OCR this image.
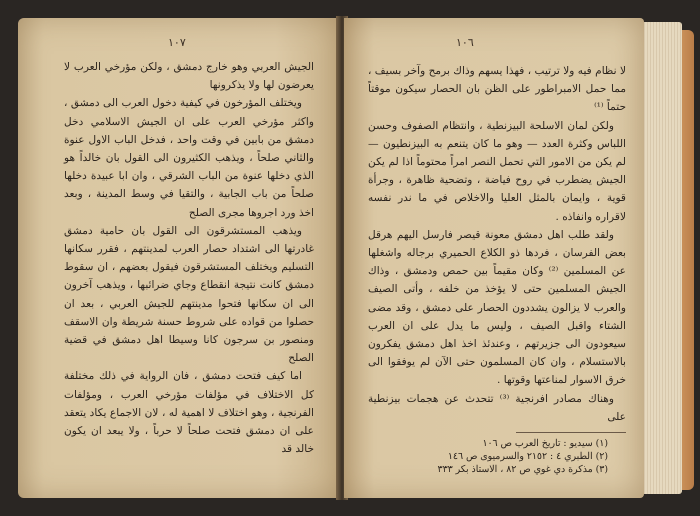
١٠٧

الجيش العربي وهو خارج دمشق ، ولكن مؤرخي العرب لا يعرضون لها ولا يذكرونها

ويختلف المؤرخون في كيفية دخول العرب الى دمشق ، واكثر مؤرخي العرب على ان الجيش الاسلامي دخل دمشق من بابين في وقت واحد ، فدخل الباب الاول عنوة والثاني صلحاً ، ويذهب الكثيرون الى القول بان خالداً هو الذي دخلها عنوة من الباب الشرقي ، وان ابا عبيدة دخلها صلحاً من باب الجابية ، والتقيا في وسط المدينة ، وبعد اخذ ورد اجروها مجرى الصلح

ويذهب المستشرقون الى القول بان حامية دمشق غادرتها الى اشتداد حصار العرب لمدينتهم ، فقرر سكانها التسليم ويختلف المستشرقون فيقول بعضهم ، ان سقوط دمشق كانت نتيجة انقطاع وجاي ضرائبها ، ويذهب آخرون الى ان سكانها فتحوا مدينتهم للجيش العربي ، بعد ان حصلوا من قواده على شروط حسنة شريطة وان الاسقف ومنصور بن سرجون كانا وسيطا اهل دمشق في قضية الصلح

اما كيف فتحت دمشق ، فان الرواية في ذلك مختلفة كل الاختلاف في مؤلفات مؤرخي العرب ، ومؤلفات الفرنجية ، وهو اختلاف لا اهمية له ، لان الاجماع يكاد يتعقد على ان دمشق فتحت صلحاً لا حرباً ، ولا يبعد ان يكون خالد قد

١٠٦

لا نظام فيه ولا ترتيب ، فهذا يسهم وذاك برمح وآخر بسيف ، مما حمل الامبراطور على الظن بان الحصار سيكون موقتاً حتماً ⁽¹⁾

ولكن لمان الاسلحة البيزنطية ، وانتظام الصفوف وحسن اللباس وكثرة العدد — وهو ما كان يتنعم به البيزنطيون — لم يكن من الامور التي تحمل النصر امراً محتوماً اذا لم يكن الجيش يضطرب في روح فياضة ، وتضحية ظاهرة ، وجرأة قوية ، وايمان بالمثل العليا والاخلاص في ما ندر نفسه لاقراره وانفاذه .

ولقد طلب اهل دمشق معونة قيصر فارسل اليهم هرقل بعض الفرسان ، فردها ذو الكلاع الحميري برجاله واشغلها عن المسلمين ⁽²⁾ وكان مقيماً بين حمص ودمشق ، وذاك الجيش المسلمين حتى لا يؤخذ من خلفه ، وأتى الصيف والعرب لا يزالون يشددون الحصار على دمشق ، وقد مضى الشتاء واقبل الصيف ، وليس ما يدل على ان العرب سيعودون الى جزيرتهم ، وعندئذ اخذ اهل دمشق يفكرون بالاستسلام ، وان كان المسلمون حتى الآن لم يوفقوا الى خرق الاسوار لمناعتها وقوتها .

وهناك مصادر افرنجية ⁽³⁾ تتحدث عن هجمات بيزنطية على

(١) سيديو : تاريخ العرب ص ١٠٦

(٢) الطبري ٤ : ٢١٥٢ والسرميوى ص ١٤٦

(٣) مذكرة دي غوي ص ٨٢ ، الاستاذ بكر ٣٣٣
